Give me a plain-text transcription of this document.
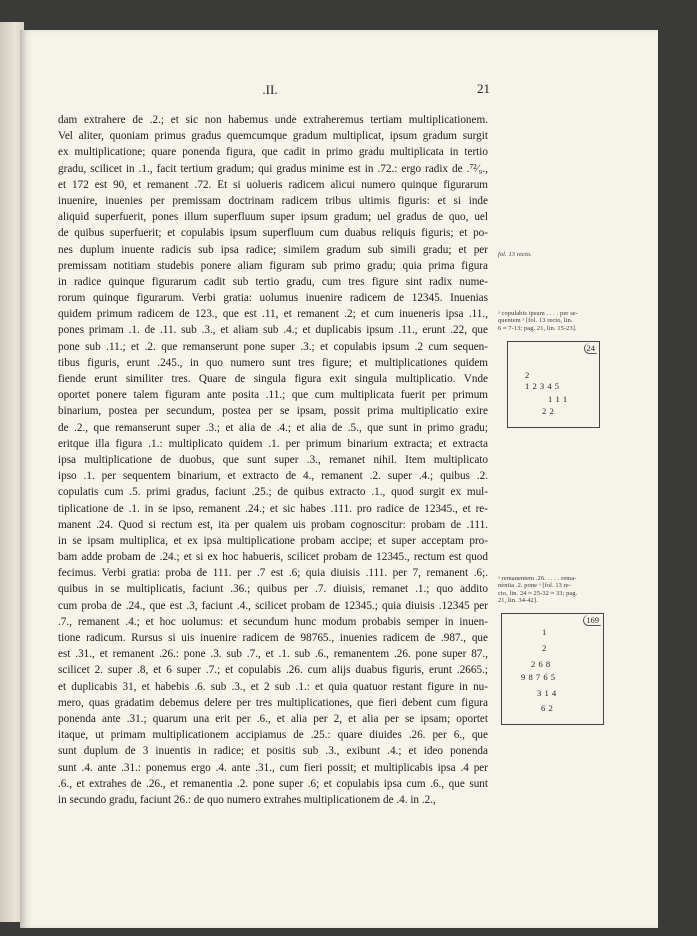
.II.	21
dam extrahere de .2.; et sic non habemus unde extraheremus tertiam multiplicationem.
Vel aliter, quoniam primus gradus quemcumque gradum multiplicat, ipsum gradum surgit
ex multiplicatione; quare ponenda figura, que cadit in primo gradu multiplicata in tertio
gradu, scilicet in .1., facit tertium gradum; qui gradus minime est in .72.: ergo radix de .⁷²⁄₉.,
et 172 est 90, et remanent .72. Et si uolueris radicem alicui numero quinque figurarum
inuenire, inuenies per premissam doctrinam radicem tribus ultimis figuris: et si inde
aliquid superfuerit, pones illum superfluum super ipsum gradum; uel gradus de quo, uel
de quibus superfuerit; et copulabis ipsum superfluum cum duabus reliquis figuris; et po-
nes duplum inuente radicis sub ipsa radice; similem gradum sub simili gradu; et per
premissam notitiam studebis ponere aliam figuram sub primo gradu; quia prima figura
in radice quinque figurarum cadit sub tertio gradu, cum tres figure sint radix nume-
rorum quinque figurarum. Verbi gratia: uolumus inuenire radicem de 12345. Inuenias
quidem primum radicem de 123., que est .11, et remanent .2; et cum inueneris ipsa .11.,
pones primam .1. de .11. sub .3., et aliam sub .4.; et duplicabis ipsum .11., erunt .22, que
pone sub .11.; et .2. que remanserunt pone super .3.; et copulabis ipsum .2 cum sequen-
tibus figuris, erunt .245., in quo numero sunt tres figure; et multiplicationes quidem
fiende erunt similiter tres. Quare de singula figura exit singula multiplicatio. Vnde
oportet ponere talem figuram ante posita .11.; que cum multiplicata fuerit per primum
binarium, postea per secundum, postea per se ipsam, possit prima multiplicatio exire
de .2., que remanserunt super .3.; et alia de .4.; et alia de .5., que sunt in primo gradu;
eritque illa figura .1.: multiplicato quidem .1. per primum binarium extracta; et extracta
ipsa multiplicatione de duobus, que sunt super .3., remanet nihil. Item multiplicato
ipso .1. per sequentem binarium, et extracto de 4., remanent .2. super .4.; quibus .2.
copulatis cum .5. primi gradus, faciunt .25.; de quibus extracto .1., quod surgit ex mul-
tiplicatione de .1. in se ipso, remanent .24.; et sic habes .111. pro radice de 12345., et re-
manent .24. Quod si rectum est, ita per qualem uis probam cognoscitur: probam de .111.
in se ipsam multiplica, et ex ipsa multiplicatione probam accipe; et super acceptam pro-
bam adde probam de .24.; et si ex hoc habueris, scilicet probam de 12345., rectum est quod
fecimus. Verbi gratia: proba de 111. per .7 est .6; quia diuisis .111. per 7, remanent .6;.
quibus in se multiplicatis, faciunt .36.; quibus per .7. diuisis, remanet .1.; quo addito
cum proba de .24., que est .3, faciunt .4., scilicet probam de 12345.; quia diuisis .12345 per
.7., remanent .4.; et hoc uolumus: et secundum hunc modum probabis semper in inuen-
tione radicum. Rursus si uis inuenire radicem de 98765., inuenies radicem de .987., que
est .31., et remanent .26.: pone .3. sub .7., et .1. sub .6., remanentem .26. pone super 87.,
scilicet 2. super .8, et 6 super .7.; et copulabis .26. cum alijs duabus figuris, erunt .2665.;
et duplicabis 31, et habebis .6. sub .3., et 2 sub .1.: et quia quatuor restant figure in nu-
mero, quas gradatim debemus delere per tres multiplicationes, que fieri debent cum figura
ponenda ante .31.; quarum una erit per .6., et alia per 2, et alia per se ipsam; oportet
itaque, ut primam multiplicationem accipiamus de .25.: quare diuides .26. per 6., que
sunt duplum de 3 inuentis in radice; et positis sub .3., exibunt .4.; et ideo ponenda
sunt .4. ante .31.: ponemus ergo .4. ante .31., cum fieri possit; et multiplicabis ipsa .4 per
.6., et extrahes de .26., et remanentia .2. pone super .6; et copulabis ipsa cum .6., que sunt
in secundo gradu, faciunt 26.: de quo numero extrahes multiplicationem de .4. in .2.,
fol. 13 recto.
ᵃ copulabis ipsum . . . . per se-
quentem ᵃ [fol. 13 recto, lin.
6 ≈ 7-13; pag. 21, lin. 15-23].
ᵃ remanentem .26. . . . . rema-
nentia .2. pone ᵃ [fol. 13 re-
cto, lin. 24 ≈ 25-32 ≈ 33; pag.
21, lin. 34-42].
24
2
1 2 3 4 5
1 1 1
2 2
169
1
2
2 6 8
9 8 7 6 5
3 1 4
6 2
